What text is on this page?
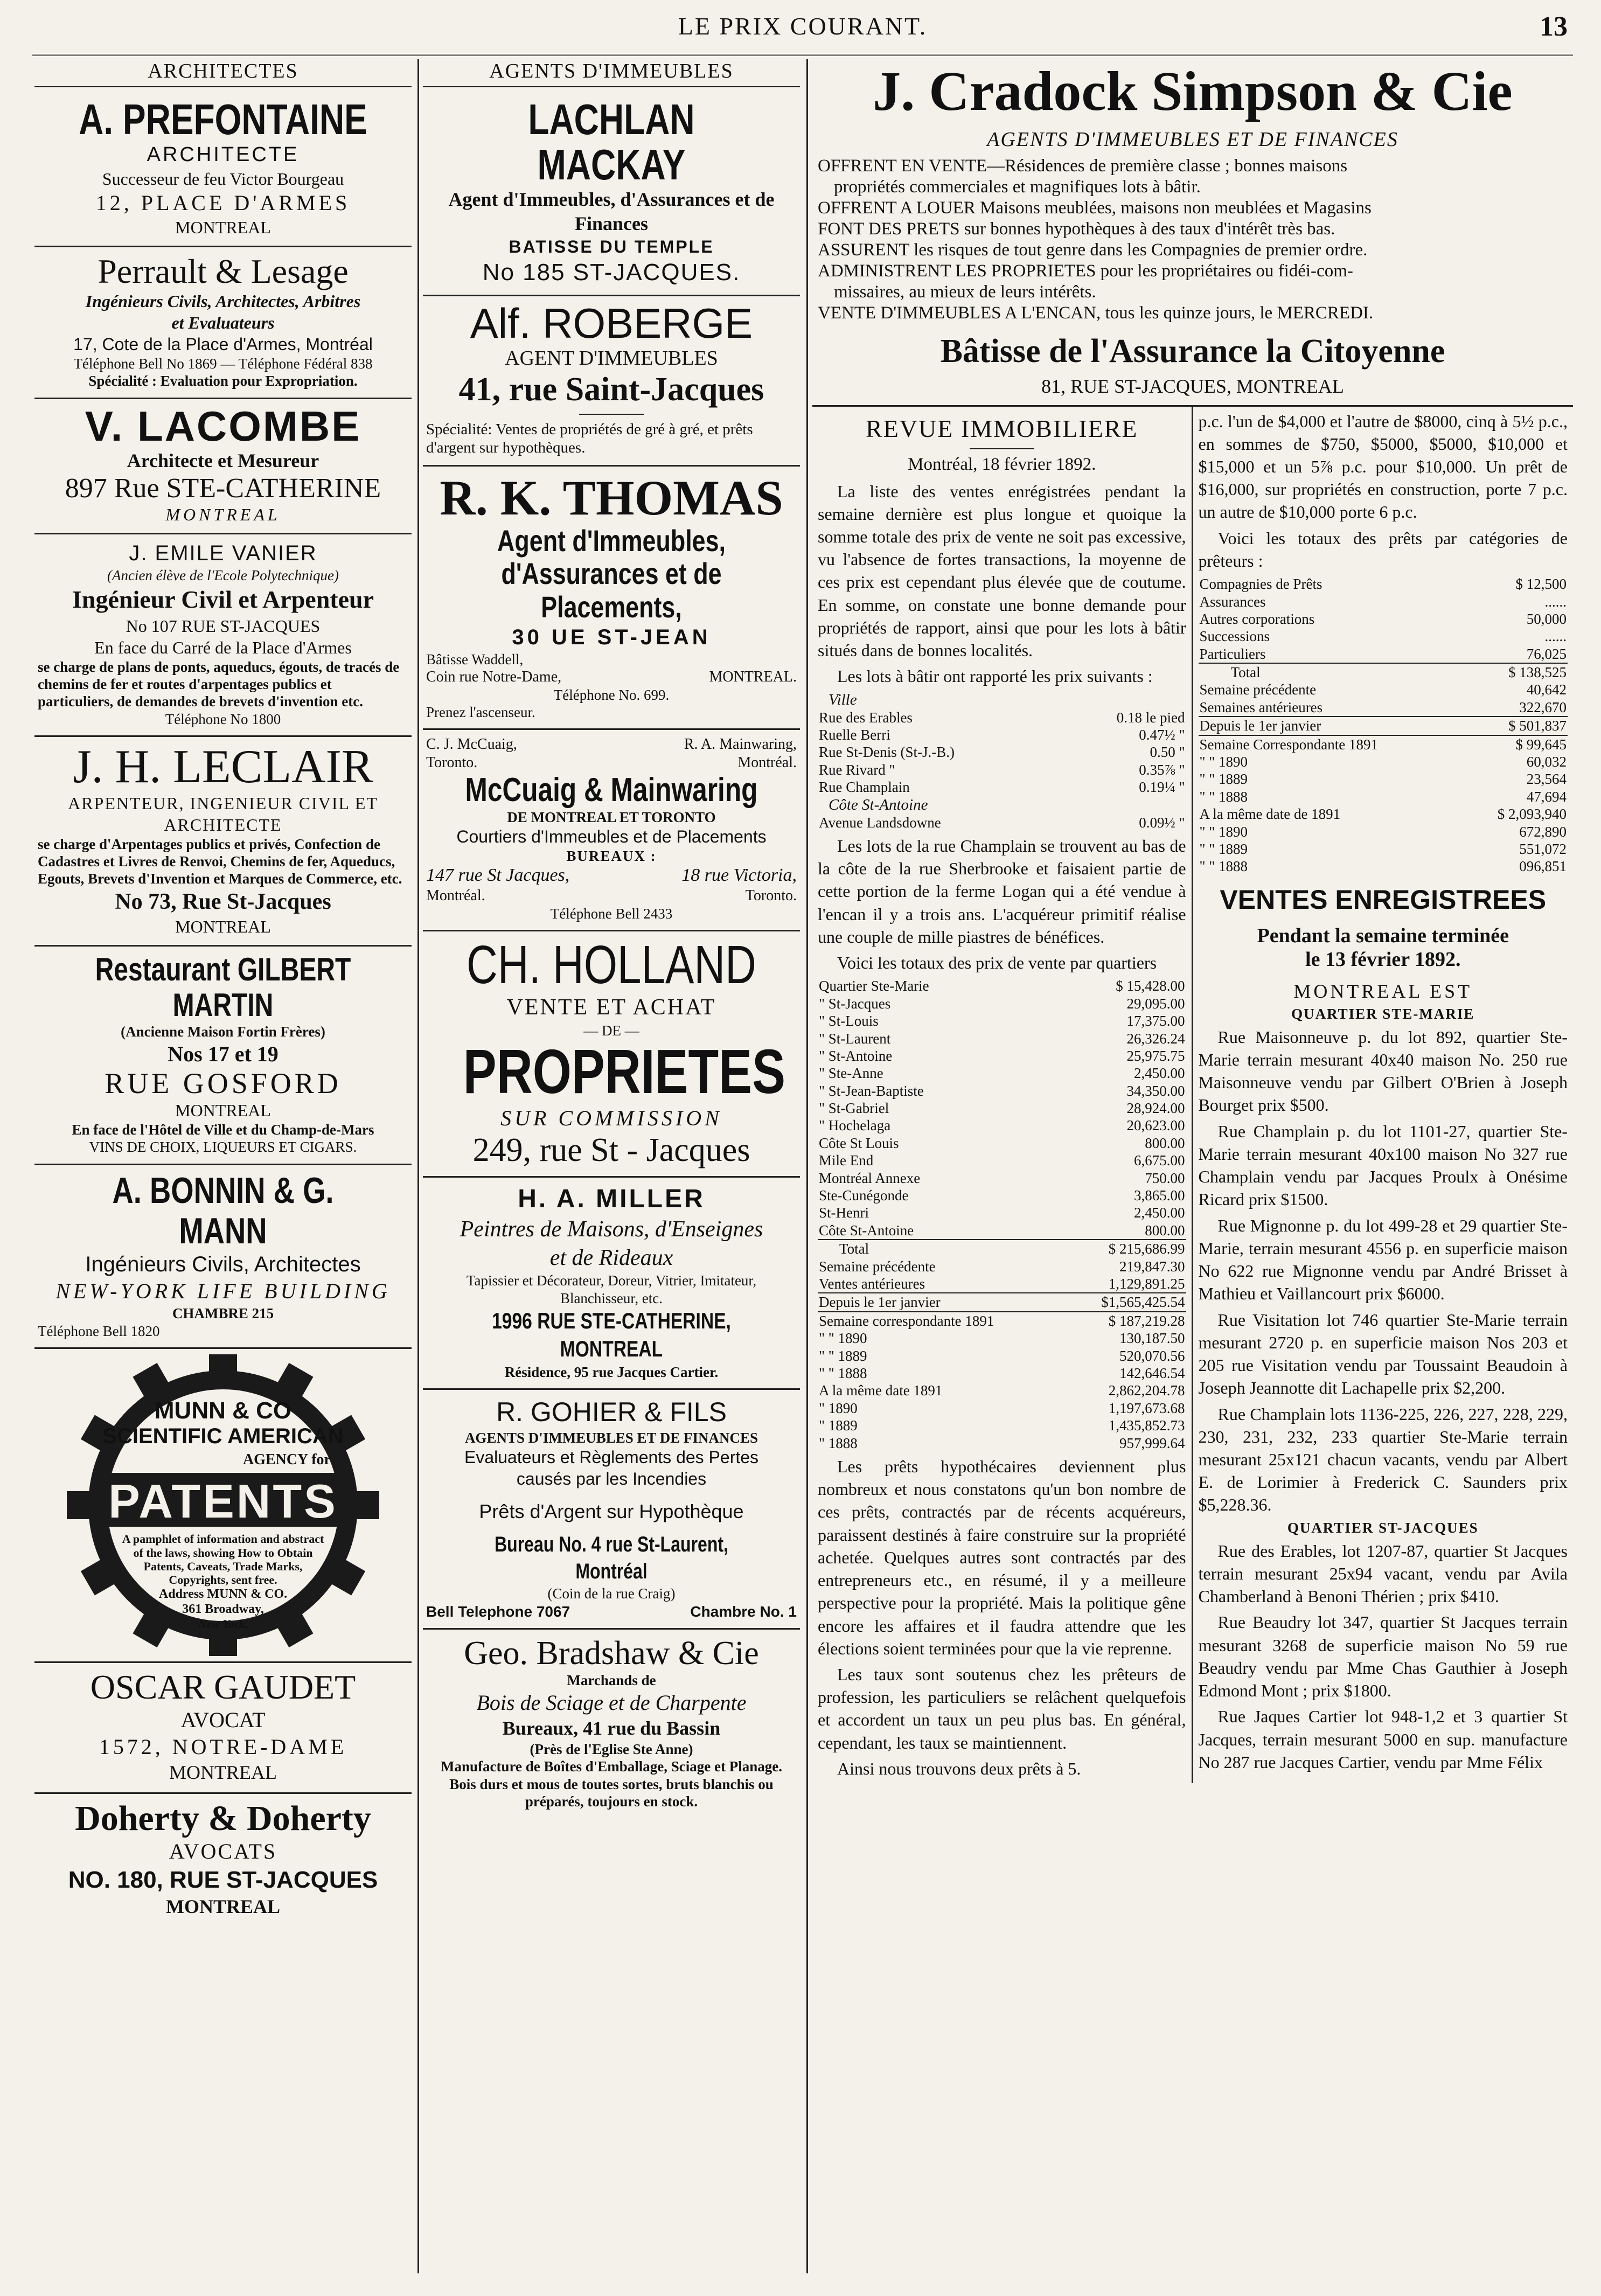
LE PRIX COURANT.	13
ARCHITECTES
A. PREFONTAINE
ARCHITECTE
Successeur de feu Victor Bourgeau
12, PLACE D'ARMES
MONTREAL
Perrault & Lesage
Ingénieurs Civils, Architectes, Arbitres
et Evaluateurs
17, Cote de la Place d'Armes, Montréal
Téléphone Bell No 1869 — Téléphone Fédéral 838
Spécialité : Evaluation pour Expropriation.
V. LACOMBE
Architecte et Mesureur
897 Rue STE-CATHERINE
MONTREAL
J. EMILE VANIER
(Ancien élève de l'Ecole Polytechnique)
Ingénieur Civil et Arpenteur
No 107 RUE ST-JACQUES
En face du Carré de la Place d'Armes
se charge de plans de ponts, aqueducs, égouts, de tracés de chemins de fer et routes d'arpentages publics et particuliers, de demandes de brevets d'invention etc.
Téléphone No 1800
J. H. LECLAIR
ARPENTEUR, INGENIEUR CIVIL ET
ARCHITECTE
se charge d'Arpentages publics et privés, Confection de Cadastres et Livres de Renvoi, Chemins de fer, Aqueducs, Egouts, Brevets d'Invention et Marques de Commerce, etc.
No 73, Rue St-Jacques
MONTREAL
Restaurant GILBERT MARTIN
(Ancienne Maison Fortin Frères)
Nos 17 et 19
RUE GOSFORD
MONTREAL
En face de l'Hôtel de Ville et du Champ-de-Mars
VINS DE CHOIX, LIQUEURS ET CIGARS.
A. BONNIN & G. MANN
Ingénieurs Civils, Architectes
NEW-YORK LIFE BUILDING
CHAMBRE 215
Téléphone Bell 1820
MUNN & CO
SCIENTIFIC AMERICAN
AGENCY for
PATENTS
A pamphlet of information and abstract of the laws, showing How to Obtain Patents, Caveats, Trade Marks, Copyrights, sent free.
Address MUNN & CO.
361 Broadway,
New York.
OSCAR GAUDET
AVOCAT
1572, NOTRE-DAME
MONTREAL
Doherty & Doherty
AVOCATS
NO. 180, RUE ST-JACQUES
MONTREAL
AGENTS D'IMMEUBLES
LACHLAN MACKAY
Agent d'Immeubles, d'Assurances et de Finances
BATISSE DU TEMPLE
No 185 ST-JACQUES.
Alf. ROBERGE
AGENT D'IMMEUBLES
41, rue Saint-Jacques
Spécialité: Ventes de propriétés de gré à gré, et prêts d'argent sur hypothèques.
R. K. THOMAS
Agent d'Immeubles,
d'Assurances et de Placements,
30 UE ST-JEAN
Bâtisse Waddell,
Coin rue Notre-Dame,	MONTREAL.
Téléphone No. 699.
Prenez l'ascenseur.
C. J. McCuaig,	R. A. Mainwaring,
Toronto.	Montréal.
McCuaig & Mainwaring
DE MONTREAL ET TORONTO
Courtiers d'Immeubles et de Placements
BUREAUX :
147 rue St Jacques,	18 rue Victoria,
Montréal.	Toronto.
Téléphone Bell 2433
CH. HOLLAND
VENTE ET ACHAT
— DE —
PROPRIETES
SUR COMMISSION
249, rue St - Jacques
H. A. MILLER
Peintres de Maisons, d'Enseignes
et de Rideaux
Tapissier et Décorateur, Doreur, Vitrier, Imitateur, Blanchisseur, etc.
1996 RUE STE-CATHERINE, MONTREAL
Résidence, 95 rue Jacques Cartier.
R. GOHIER & FILS
AGENTS D'IMMEUBLES ET DE FINANCES
Evaluateurs et Règlements des Pertes
causés par les Incendies
Prêts d'Argent sur Hypothèque
Bureau No. 4 rue St-Laurent, Montréal
(Coin de la rue Craig)
Bell Telephone 7067	Chambre No. 1
Geo. Bradshaw & Cie
Marchands de
Bois de Sciage et de Charpente
Bureaux, 41 rue du Bassin
(Près de l'Eglise Ste Anne)
Manufacture de Boîtes d'Emballage, Sciage et Planage.
Bois durs et mous de toutes sortes, bruts blanchis ou préparés, toujours en stock.
J. Cradock Simpson & Cie
AGENTS D'IMMEUBLES ET DE FINANCES
OFFRENT EN VENTE—Résidences de première classe ; bonnes maisons
propriétés commerciales et magnifiques lots à bâtir.
OFFRENT A LOUER Maisons meublées, maisons non meublées et Magasins
FONT DES PRETS sur bonnes hypothèques à des taux d'intérêt très bas.
ASSURENT les risques de tout genre dans les Compagnies de premier ordre.
ADMINISTRENT LES PROPRIETES pour les propriétaires ou fidéi-com-
missaires, au mieux de leurs intérêts.
VENTE D'IMMEUBLES A L'ENCAN, tous les quinze jours, le MERCREDI.
Bâtisse de l'Assurance la Citoyenne
81, RUE ST-JACQUES, MONTREAL
REVUE IMMOBILIERE
Montréal, 18 février 1892.

La liste des ventes enrégistrées pendant la semaine dernière est plus longue et quoique la somme totale des prix de vente ne soit pas excessive, vu l'absence de fortes transactions, la moyenne de ces prix est cependant plus élevée que de coutume. En somme, on constate une bonne demande pour propriétés de rapport, ainsi que pour les lots à bâtir situés dans de bonnes localités.

Les lots à bâtir ont rapporté les prix suivants :

Ville
Rue des Erables	0.18 le pied
Ruelle Berri	0.47½ "
Rue St-Denis (St-J.-B.)	0.50 "
Rue Rivard "	0.35⅞ "
Rue Champlain	0.19¼ "
Côte St-Antoine
Avenue Landsdowne	0.09½ "

Les lots de la rue Champlain se trouvent au bas de la côte de la rue Sherbrooke et faisaient partie de cette portion de la ferme Logan qui a été vendue à l'encan il y a trois ans. L'acquéreur primitif réalise une couple de mille piastres de bénéfices.

Voici les totaux des prix de vente par quartiers

Quartier Ste-Marie	$ 15,428.00
" St-Jacques	29,095.00
" St-Louis	17,375.00
" St-Laurent	26,326.24
" St-Antoine	25,975.75
" Ste-Anne	2,450.00
" St-Jean-Baptiste	34,350.00
" St-Gabriel	28,924.00
" Hochelaga	20,623.00
Côte St Louis	800.00
Mile End	6,675.00
Montréal Annexe	750.00
Ste-Cunégonde	3,865.00
St-Henri	2,450.00
Côte St-Antoine	800.00
Total	$ 215,686.99
Semaine précédente	219,847.30
Ventes antérieures	1,129,891.25
Depuis le 1er janvier	$1,565,425.54
Semaine correspondante 1891	$ 187,219.28
" " 1890	130,187.50
" " 1889	520,070.56
" " 1888	142,646.54
A la même date 1891	2,862,204.78
" 1890	1,197,673.68
" 1889	1,435,852.73
" 1888	957,999.64

Les prêts hypothécaires deviennent plus nombreux et nous constatons qu'un bon nombre de ces prêts, contractés par de récents acquéreurs, paraissent destinés à faire construire sur la propriété achetée. Quelques autres sont contractés par des entrepreneurs etc., en résumé, il y a meilleure perspective pour la propriété. Mais la politique gêne encore les affaires et il faudra attendre que les élections soient terminées pour que la vie reprenne.

Les taux sont soutenus chez les prêteurs de profession, les particuliers se relâchent quelquefois et accordent un taux un peu plus bas. En général, cependant, les taux se maintiennent.

Ainsi nous trouvons deux prêts à 5.

p.c. l'un de $4,000 et l'autre de $8000, cinq à 5½ p.c., en sommes de $750, $5000, $5000, $10,000 et $15,000 et un 5⅞ p.c. pour $10,000. Un prêt de $16,000, sur propriétés en construction, porte 7 p.c. un autre de $10,000 porte 6 p.c.

Voici les totaux des prêts par catégories de prêteurs :

Compagnies de Prêts	$ 12,500
Assurances	......
Autres corporations	50,000
Successions	......
Particuliers	76,025
Total	$ 138,525
Semaine précédente	40,642
Semaines antérieures	322,670
Depuis le 1er janvier	$ 501,837
Semaine Correspondante 1891	$ 99,645
" " 1890	60,032
" " 1889	23,564
" " 1888	47,694
A la même date de 1891	$ 2,093,940
" " 1890	672,890
" " 1889	551,072
" " 1888	096,851
VENTES ENREGISTREES
Pendant la semaine terminée
le 13 février 1892.
MONTREAL EST
QUARTIER STE-MARIE

Rue Maisonneuve p. du lot 892, quartier Ste-Marie terrain mesurant 40x40 maison No. 250 rue Maisonneuve vendu par Gilbert O'Brien à Joseph Bourget prix $500.

Rue Champlain p. du lot 1101-27, quartier Ste-Marie terrain mesurant 40x100 maison No 327 rue Champlain vendu par Jacques Proulx à Onésime Ricard prix $1500.

Rue Mignonne p. du lot 499-28 et 29 quartier Ste-Marie, terrain mesurant 4556 p. en superficie maison No 622 rue Mignonne vendu par André Brisset à Mathieu et Vaillancourt prix $6000.

Rue Visitation lot 746 quartier Ste-Marie terrain mesurant 2720 p. en superficie maison Nos 203 et 205 rue Visitation vendu par Toussaint Beaudoin à Joseph Jeannotte dit Lachapelle prix $2,200.

Rue Champlain lots 1136-225, 226, 227, 228, 229, 230, 231, 232, 233 quartier Ste-Marie terrain mesurant 25x121 chacun vacants, vendu par Albert E. de Lorimier à Frederick C. Saunders prix $5,228.36.

QUARTIER ST-JACQUES

Rue des Erables, lot 1207-87, quartier St Jacques terrain mesurant 25x94 vacant, vendu par Avila Chamberland à Benoni Thérien ; prix $410.

Rue Beaudry lot 347, quartier St Jacques terrain mesurant 3268 de superficie maison No 59 rue Beaudry vendu par Mme Chas Gauthier à Joseph Edmond Mont ; prix $1800.

Rue Jaques Cartier lot 948-1,2 et 3 quartier St Jacques, terrain mesurant 5000 en sup. manufacture No 287 rue Jacques Cartier, vendu par Mme Félix
